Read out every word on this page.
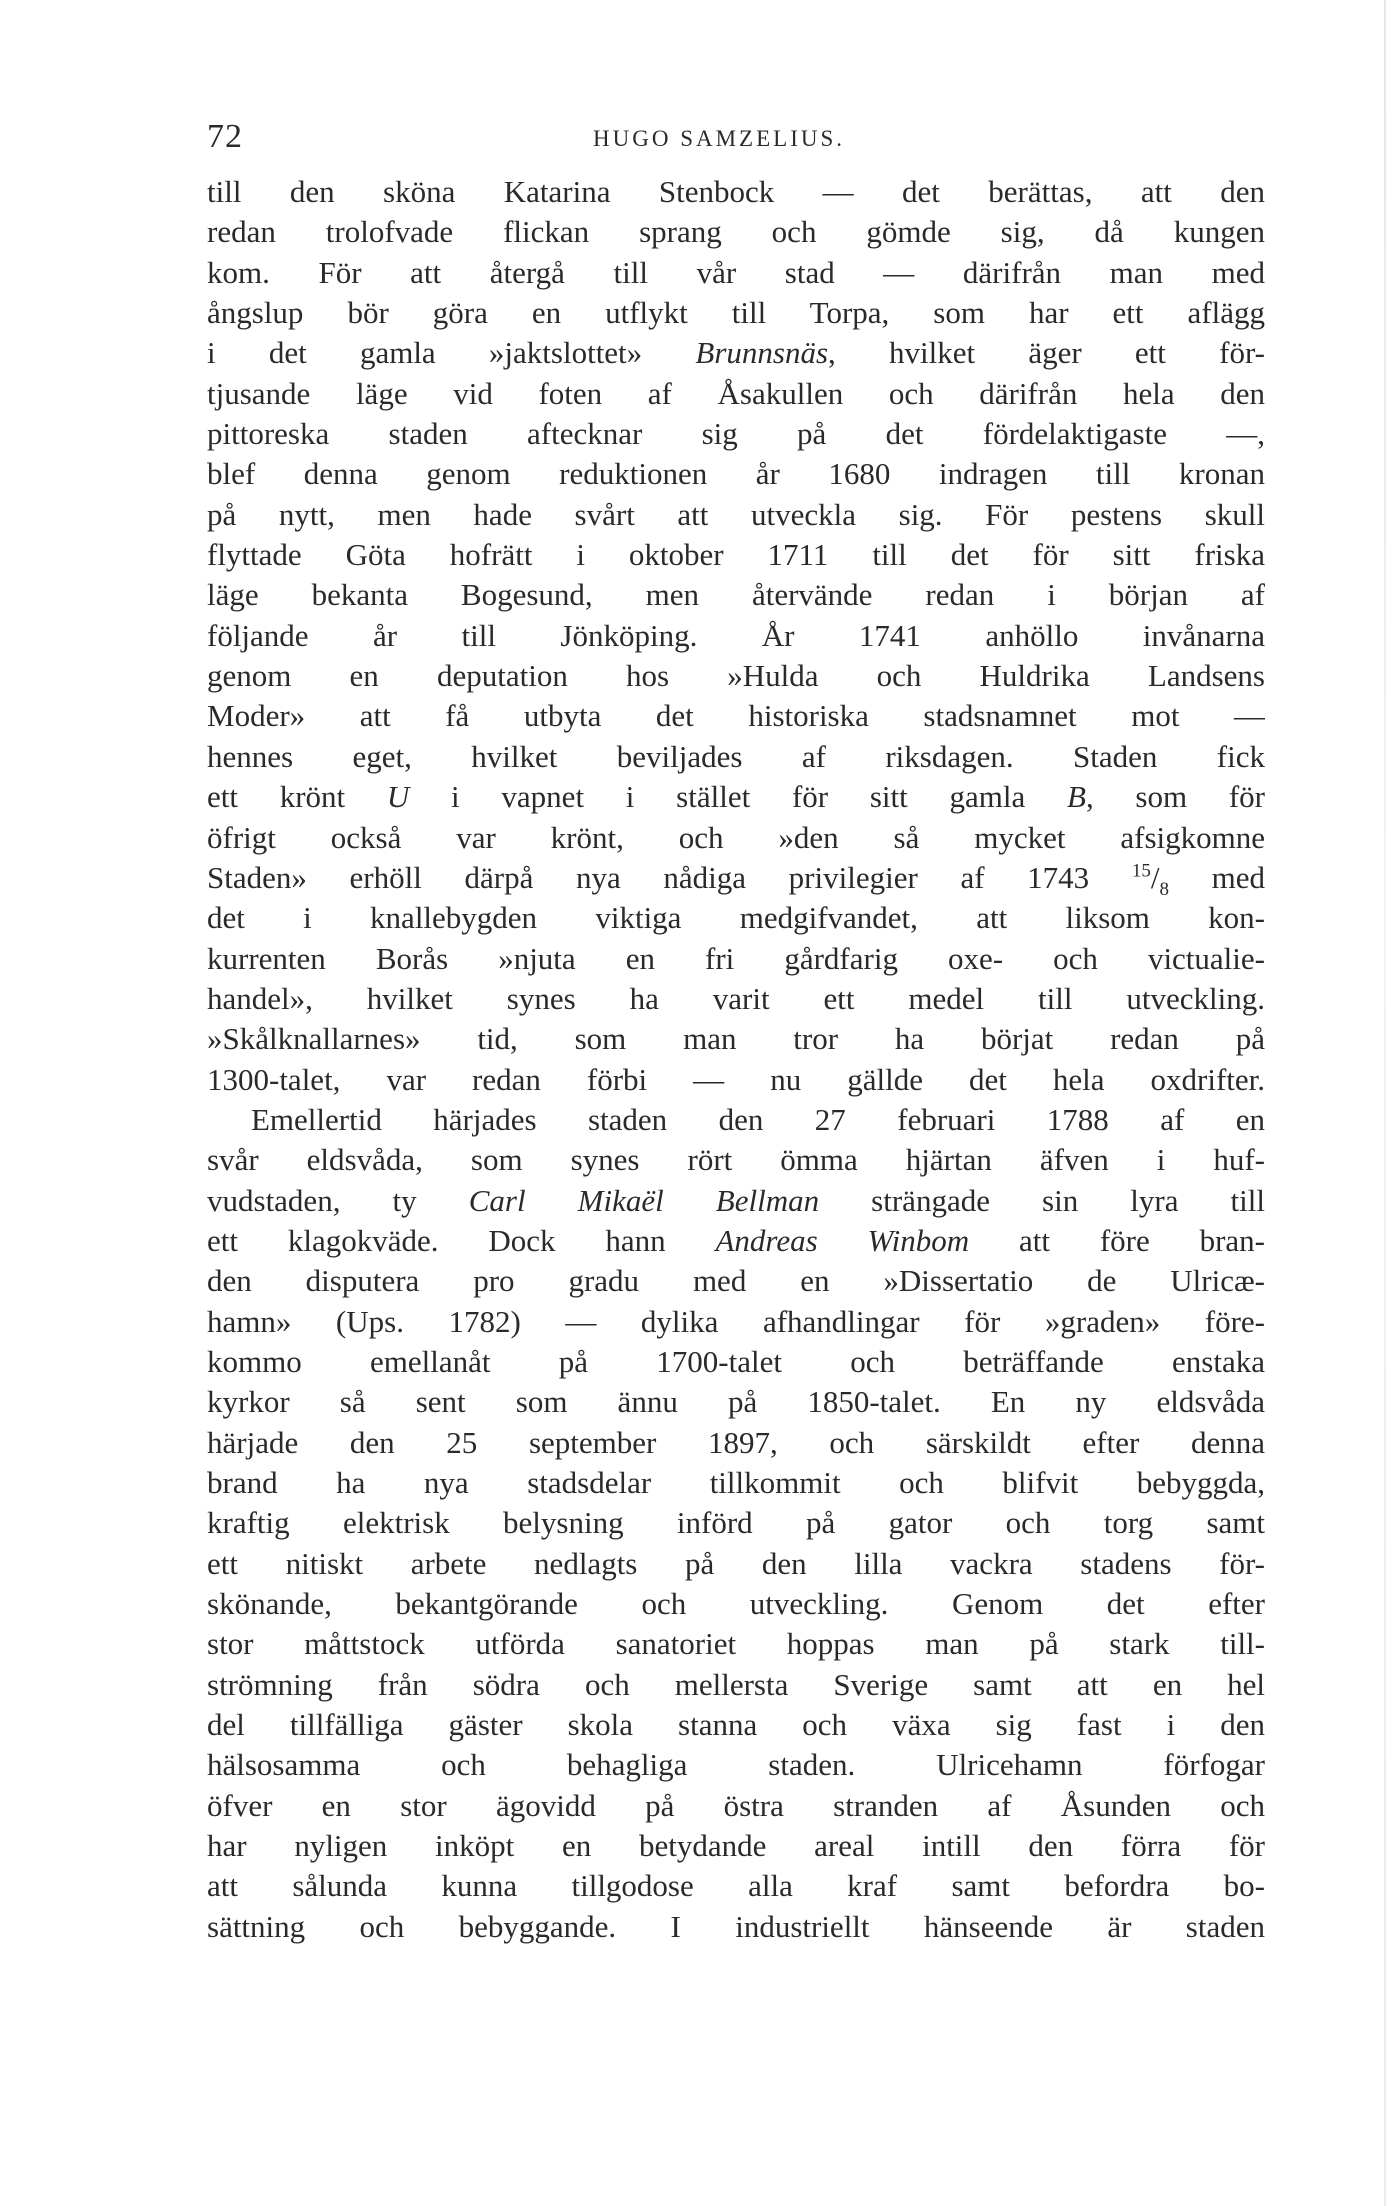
72	HUGO SAMZELIUS.
till den sköna Katarina Stenbock — det berättas, att den
redan trolofvade flickan sprang och gömde sig, då kungen
kom. För att återgå till vår stad — därifrån man med
ångslup bör göra en utflykt till Torpa, som har ett aflägg
i det gamla »jaktslottet» Brunnsnäs, hvilket äger ett för-
tjusande läge vid foten af Åsakullen och därifrån hela den
pittoreska staden aftecknar sig på det fördelaktigaste —,
blef denna genom reduktionen år 1680 indragen till kronan
på nytt, men hade svårt att utveckla sig. För pestens skull
flyttade Göta hofrätt i oktober 1711 till det för sitt friska
läge bekanta Bogesund, men återvände redan i början af
följande år till Jönköping. År 1741 anhöllo invånarna
genom en deputation hos »Hulda och Huldrika Landsens
Moder» att få utbyta det historiska stadsnamnet mot —
hennes eget, hvilket beviljades af riksdagen. Staden fick
ett krönt U i vapnet i stället för sitt gamla B, som för
öfrigt också var krönt, och »den så mycket afsigkomne
Staden» erhöll därpå nya nådiga privilegier af 1743 $^{15}/_8$ med
det i knallebygden viktiga medgifvandet, att liksom kon-
kurrenten Borås »njuta en fri gårdfarig oxe- och victualie-
handel», hvilket synes ha varit ett medel till utveckling.
»Skålknallarnes» tid, som man tror ha börjat redan på
1300-talet, var redan förbi — nu gällde det hela oxdrifter.
Emellertid härjades staden den 27 februari 1788 af en
svår eldsvåda, som synes rört ömma hjärtan äfven i huf-
vudstaden, ty Carl Mikaël Bellman strängade sin lyra till
ett klagokväde. Dock hann Andreas Winbom att före bran-
den disputera pro gradu med en »Dissertatio de Ulricæ-
hamn» (Ups. 1782) — dylika afhandlingar för »graden» före-
kommo emellanåt på 1700-talet och beträffande enstaka
kyrkor så sent som ännu på 1850-talet. En ny eldsvåda
härjade den 25 september 1897, och särskildt efter denna
brand ha nya stadsdelar tillkommit och blifvit bebyggda,
kraftig elektrisk belysning införd på gator och torg samt
ett nitiskt arbete nedlagts på den lilla vackra stadens för-
skönande, bekantgörande och utveckling. Genom det efter
stor måttstock utförda sanatoriet hoppas man på stark till-
strömning från södra och mellersta Sverige samt att en hel
del tillfälliga gäster skola stanna och växa sig fast i den
hälsosamma och behagliga staden. Ulricehamn förfogar
öfver en stor ägovidd på östra stranden af Åsunden och
har nyligen inköpt en betydande areal intill den förra för
att sålunda kunna tillgodose alla kraf samt befordra bo-
sättning och bebyggande. I industriellt hänseende är staden
